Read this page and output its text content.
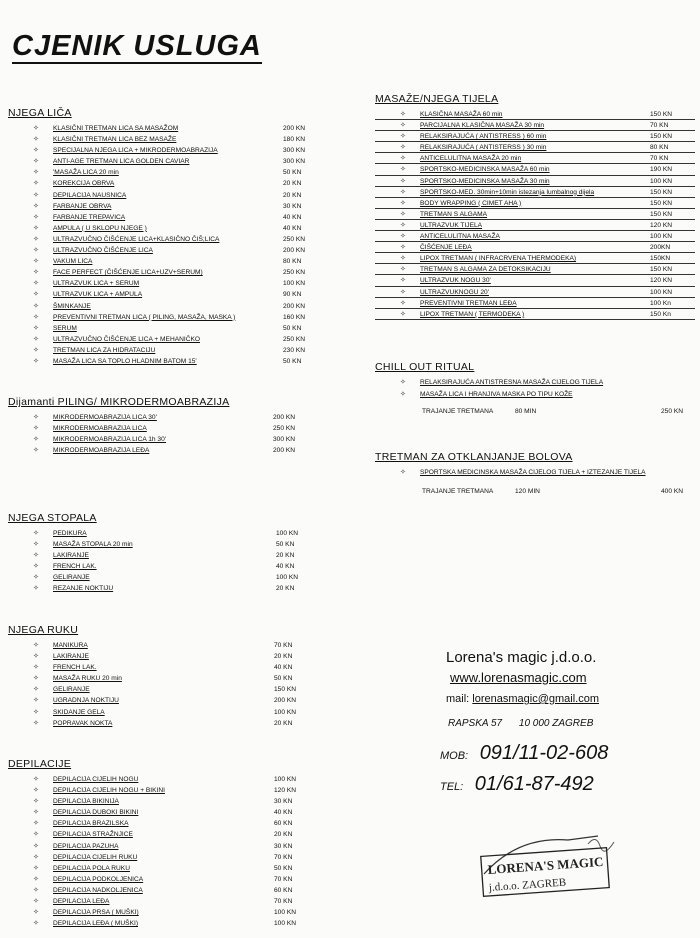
CJENIK USLUGA
NJEGA LIČA
✧ KLASIČNI TRETMAN LICA SA MASAŽOM	200 KN
✧ KLASIČNI TRETMAN LICA BEZ MASAŽE	180 KN
✧ SPECIJALNA NJEGA LICA + MIKRODERMOABRAZIJA	300 KN
✧ ANTI-AGE TRETMAN LICA GOLDEN CAVIAR	300 KN
✧ 'MASAŽA LICA 20 min	50 KN
✧ KOREKCIJA OBRVA	20 KN
✧ DEPILACIJA NAUSNICA	20 KN
✧ FARBANJE OBRVA	30 KN
✧ FARBANJE TREPAVICA	40 KN
✧ AMPULA ( U SKLOPU NJEGE )	40 KN
✧ ULTRAZVUČNO ČIŠĆENJE LICA+KLASIČNO ČIŠ;LICA	250 KN
✧ ULTRAZVUČNO ČIŠĆENJE LICA	200 KN
✧ VAKUM LICA	80 KN
✧ FACE PERFECT (ČIŠĆENJE LICA+UZV+SERUM)	250 KN
✧ ULTRAZVUK LICA + SERUM	100 KN
✧ ULTRAZVUK LICA + AMPULA	90 KN
✧ ŠMINKANJE	200 KN
✧ PREVENTIVNI TRETMAN LICA ( PILING, MASAŽA, MASKA )	160 KN
✧ SERUM	50 KN
✧ ULTRAZVUČNO ČIŠĆENJE LICA + MEHANIČKO	250 KN
✧ TRETMAN LICA ZA HIDRATACIJU	230 KN
✧ MASAŽA LICA SA TOPLO HLADNIM BATOM 15'	50 KN
Dijamanti PILING/ MIKRODERMOABRAZIJA
✧ MIKRODERMOABRAZIJA LICA 30'	200 KN
✧ MIKRODERMOABRAZIJA LICA	250 KN
✧ MIKRODERMOABRAZIJA LICA 1h 30'	300 KN
✧ MIKRODERMOABRAZIJA LEĐA	200 KN
NJEGA STOPALA
✧ PEDIKURA	100 KN
✧ MASAŽA STOPALA 20 min	50 KN
✧ LAKIRANJE	20 KN
✧ FRENCH LAK.	40 KN
✧ GELIRANJE	100 KN
✧ REZANJE NOKTIJU	20 KN
NJEGA RUKU
✧ MANIKURA	70 KN
✧ LAKIRANJE	20 KN
✧ FRENCH LAK.	40 KN
✧ MASAŽA RUKU 20 min	50 KN
✧ GELIRANJE	150 KN
✧ UGRADNJA NOKTIJU	200 KN
✧ SKIDANJE GELA	100 KN
✧ POPRAVAK NOKTA	20 KN
DEPILACIJE
✧ DEPILACIJA CIJELIH NOGU	100 KN
✧ DEPILACIJA CIJELIH NOGU + BIKINI	120 KN
✧ DEPILACIJA BIKINIJA	30 KN
✧ DEPILACIJA DUBOKI BIKINI	40 KN
✧ DEPILACIJA BRAZILSKA	60 KN
✧ DEPILACIJA STRAŽNJICE	20 KN
✧ DEPILACIJA PAZUHA	30 KN
✧ DEPILACIJA CIJELIH RUKU	70 KN
✧ DEPILACIJA POLA RUKU	50 KN
✧ DEPILACIJA PODKOLJENICA	70 KN
✧ DEPILACIJA NADKOLJENICA	60 KN
✧ DEPILACIJA LEĐA	70 KN
✧ DEPILACIJA PRSA ( MUŠKI)	100 KN
✧ DEPILACIJA LEĐA ( MUŠKI)	100 KN
MASAŽE/NJEGA TIJELA
✧ KLASIČNA MASAŽA 60 min	150 KN
✧ PARCIJALNA KLASIČNA MASAŽA 30 min	70 KN
✧ RELAKSIRAJUĆA ( ANTISTRESS ) 60 min	150 KN
✧ RELAKSIRAJUĆA ( ANTISTERSS ) 30 min	80 KN
✧ ANTICELULITNA MASAŽA 20 min	70 KN
✧ SPORTSKO-MEDICINSKA MASAŽA 60 min	190 KN
✧ SPORTSKO-MEDICINSKA MASAŽA 30 min	100 KN
✧ SPORTSKO-MED. 30min+10min istezanja lumbalnog dijela	150 KN
✧ BODY WRAPPING ( CIMET AHA )	150 KN
✧ TRETMAN S ALGAMA	150 KN
✧ ULTRAZVUK TIJELA	120 KN
✧ ANTICELULITNA MASAŽA	100 KN
✧ ČIŠĆENJE LEĐA	200KN
✧ LIPOX TRETMAN ( INFRACRVENA THERMODEKA)	150KN
✧ TRETMAN S ALGAMA ZA DETOKSIKACIJU	150 KN
✧ ULTRAZVUK NOGU 30'	120 KN
✧ ULTRAZVUKNOGU 20'	100 KN
✧ PREVENTIVNI TRETMAN LEĐA	100 Kn
✧ LIPOX TRETMAN ( TERMODEKA )	150 Kn
CHILL OUT RITUAL
✧ RELAKSIRAJUĆA ANTISTRESNA MASAŽA CIJELOG TIJELA
✧ MASAŽA LICA I HRANJIVA MASKA PO TIPU KOŽE
TRAJANJE TRETMANA	80 MIN	250 KN
TRETMAN ZA OTKLANJANJE BOLOVA
✧ SPORTSKA MEDICINSKA MASAŽA CIJELOG TIJELA + IZTEZANJE TIJELA
TRAJANJE TRETMANA	120 MIN	400 KN
Lorena's magic j.d.o.o.
www.lorenasmagic.com
mail: lorenasmagic@gmail.com
RAPSKA 57 10 000 ZAGREB
MOB: 091/11-02-608
TEL: 01/61-87-492
LORENA'S MAGIC
j.d.o.o. ZAGREB
